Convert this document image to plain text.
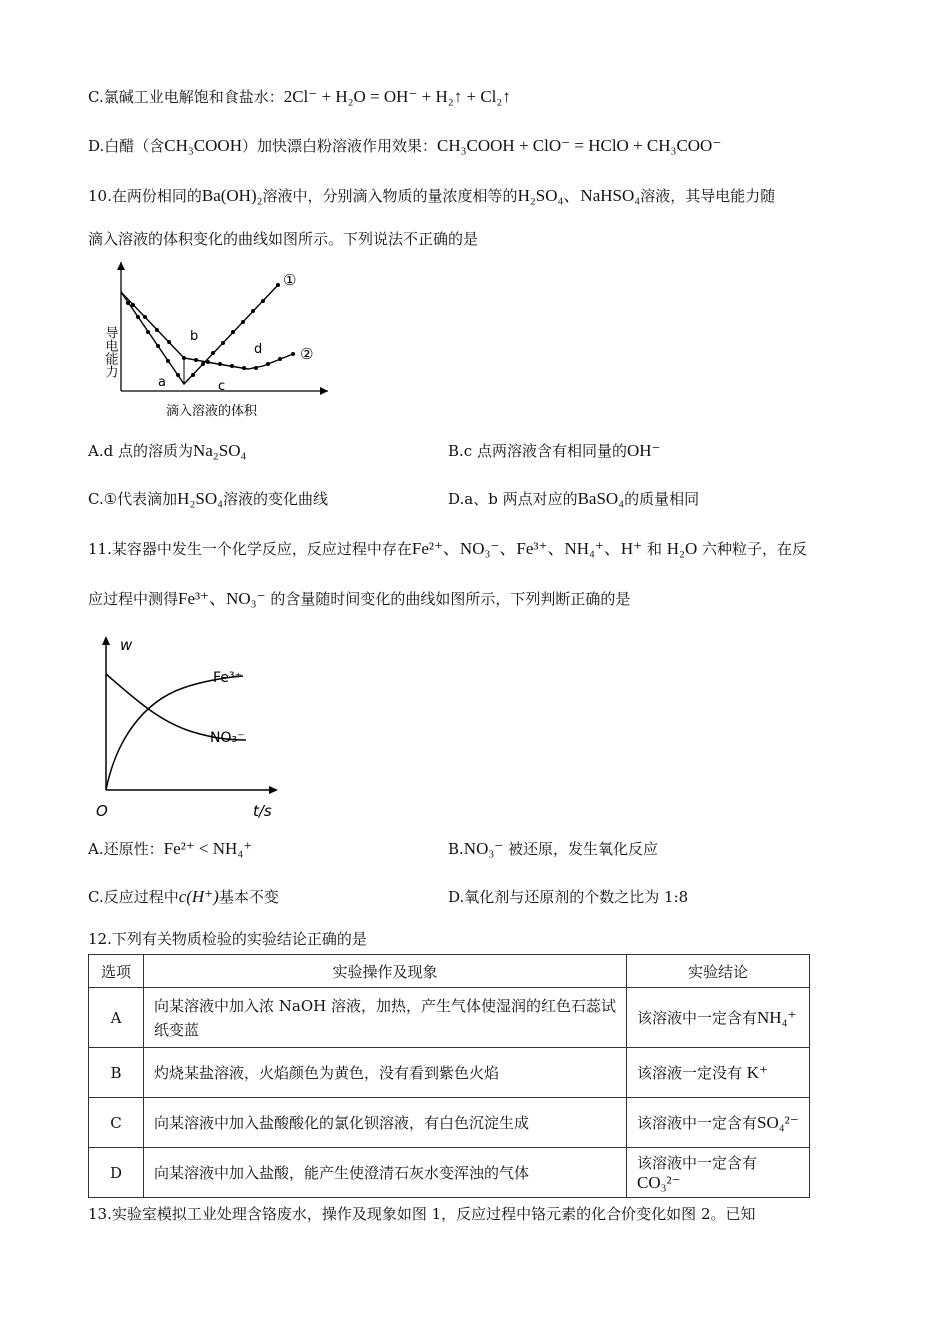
C.氯碱工业电解饱和食盐水：2Cl⁻ + H₂O = OH⁻ + H₂↑ + Cl₂↑
D.白醋（含CH₃COOH）加快漂白粉溶液作用效果：CH₃COOH + ClO⁻ = HClO + CH₃COO⁻
10.在两份相同的Ba(OH)₂溶液中，分别滴入物质的量浓度相等的H₂SO₄、NaHSO₄溶液，其导电能力随
滴入溶液的体积变化的曲线如图所示。下列说法不正确的是
导电能力
滴入溶液的体积
①
②
a
b
c
d
A.d 点的溶质为Na₂SO₄	B.c 点两溶液含有相同量的OH⁻
C.①代表滴加H₂SO₄溶液的变化曲线	D.a、b 两点对应的BaSO₄的质量相同
11.某容器中发生一个化学反应，反应过程中存在Fe²⁺、NO₃⁻、Fe³⁺、NH₄⁺、H⁺ 和 H₂O 六种粒子，在反
应过程中测得Fe³⁺、NO₃⁻ 的含量随时间变化的曲线如图所示，下列判断正确的是
w
t/s
O
Fe³⁺
NO₃⁻
A.还原性：Fe²⁺ < NH₄⁺	B.NO₃⁻ 被还原，发生氧化反应
C.反应过程中c(H⁺)基本不变	D.氧化剂与还原剂的个数之比为 1:8
12.下列有关物质检验的实验结论正确的是
选项	实验操作及现象	实验结论
A	向某溶液中加入浓 NaOH 溶液，加热，产生气体使湿润的红色石蕊试纸变蓝	该溶液中一定含有NH₄⁺
B	灼烧某盐溶液，火焰颜色为黄色，没有看到紫色火焰	该溶液一定没有 K⁺
C	向某溶液中加入盐酸酸化的氯化钡溶液，有白色沉淀生成	该溶液中一定含有SO₄²⁻
D	向某溶液中加入盐酸，能产生使澄清石灰水变浑浊的气体	该溶液中一定含有CO₃²⁻
13.实验室模拟工业处理含铬废水，操作及现象如图 1，反应过程中铬元素的化合价变化如图 2。已知
